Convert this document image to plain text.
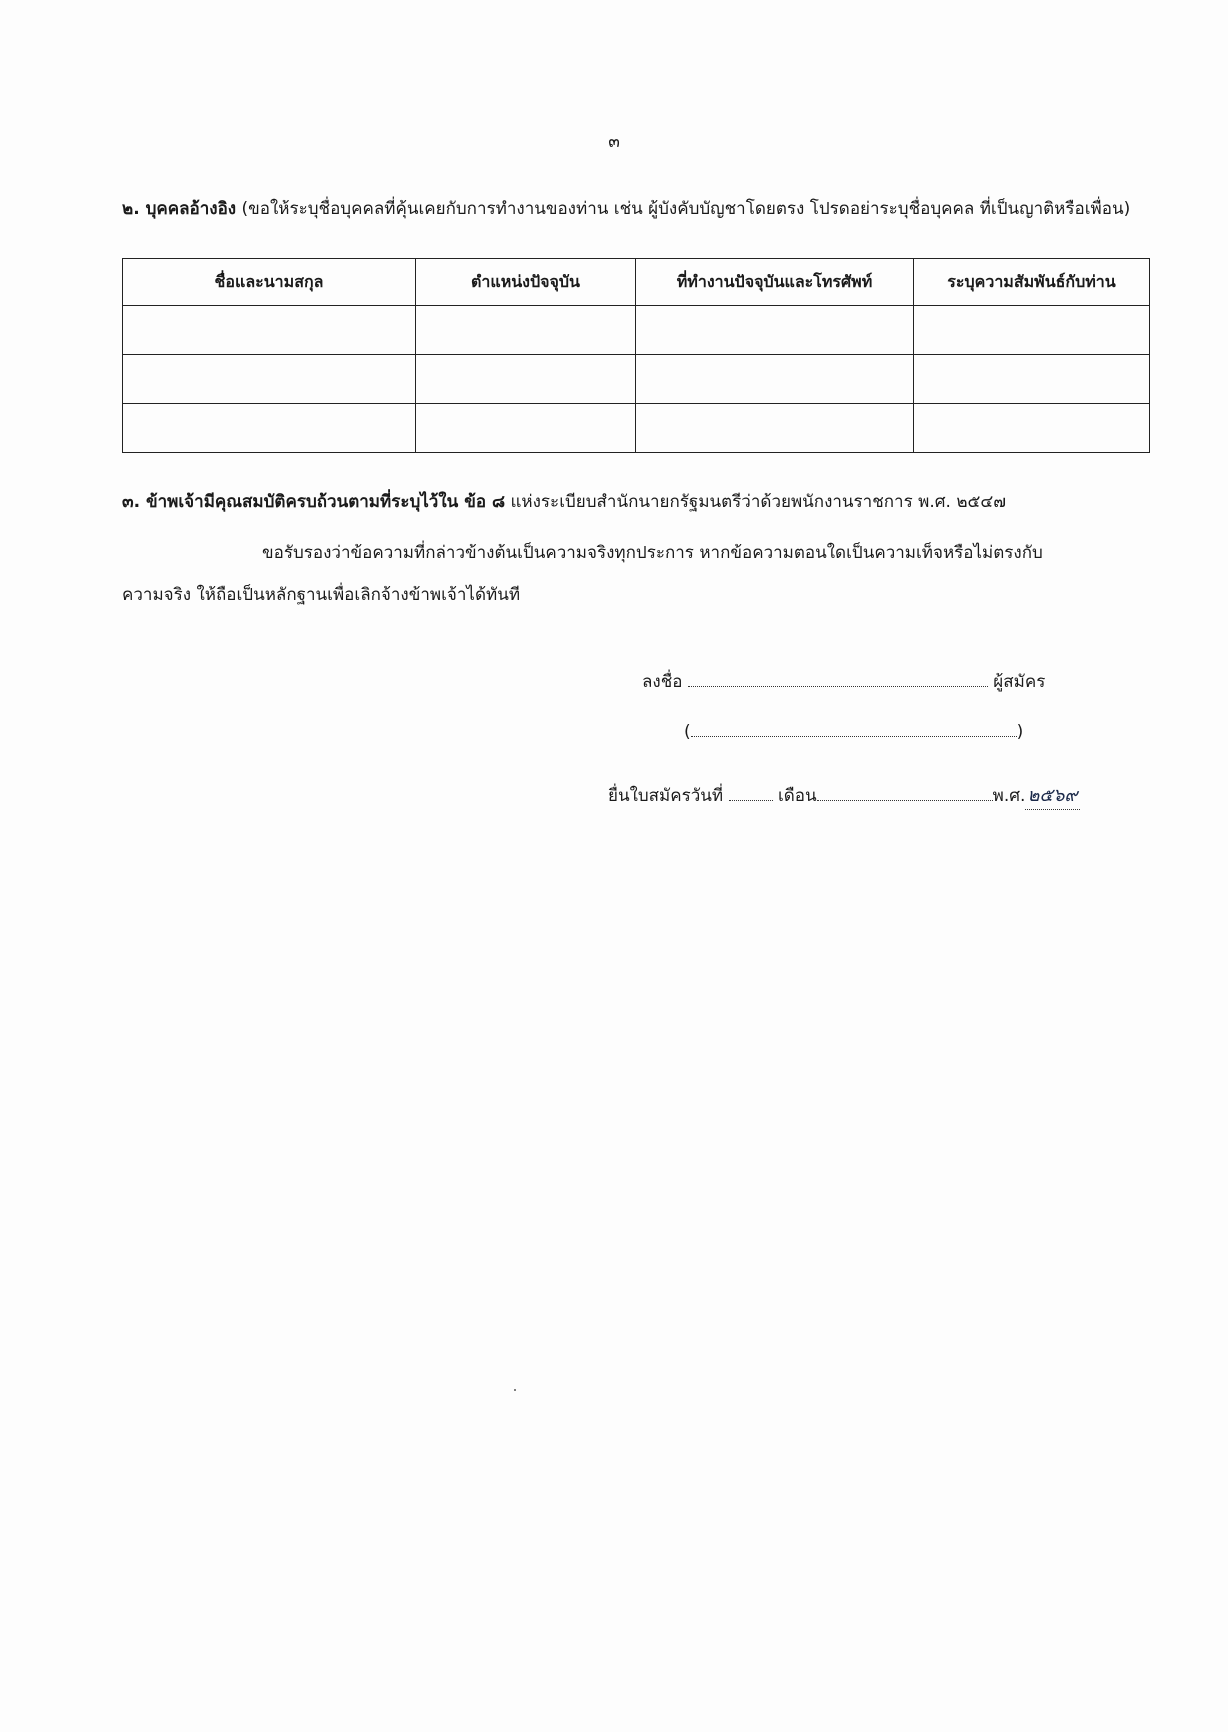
๓
๒. บุคคลอ้างอิง (ขอให้ระบุชื่อบุคคลที่คุ้นเคยกับการทำงานของท่าน เช่น ผู้บังคับบัญชาโดยตรง โปรดอย่าระบุชื่อบุคคล ที่เป็นญาติหรือเพื่อน)
ชื่อและนามสกุล	ตำแหน่งปัจจุบัน	ที่ทำงานปัจจุบันและโทรศัพท์	ระบุความสัมพันธ์กับท่าน

๓. ข้าพเจ้ามีคุณสมบัติครบถ้วนตามที่ระบุไว้ใน ข้อ ๘ แห่งระเบียบสำนักนายกรัฐมนตรีว่าด้วยพนักงานราชการ พ.ศ. ๒๕๔๗
ขอรับรองว่าข้อความที่กล่าวข้างต้นเป็นความจริงทุกประการ หากข้อความตอนใดเป็นความเท็จหรือไม่ตรงกับ
ความจริง ให้ถือเป็นหลักฐานเพื่อเลิกจ้างข้าพเจ้าได้ทันที
ลงชื่อ	ผู้สมัคร
(	)
ยื่นใบสมัครวันที่	เดือน	พ.ศ. ๒๕๖๙
